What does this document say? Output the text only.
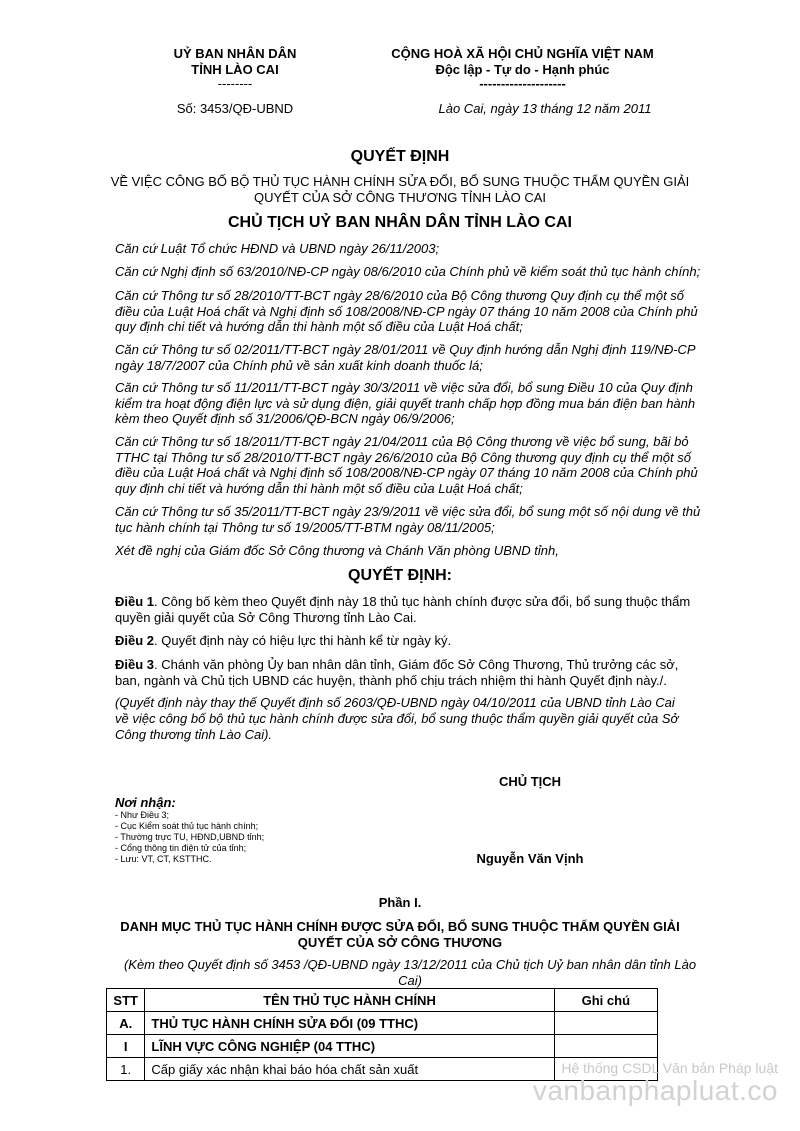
UỶ BAN NHÂN DÂN
TỈNH LÀO CAI
--------
Số: 3453/QĐ-UBND
CỘNG HOÀ XÃ HỘI CHỦ NGHĨA VIỆT NAM
Độc lập - Tự do - Hạnh phúc
--------------------
Lào Cai, ngày 13 tháng 12 năm 2011
QUYẾT ĐỊNH
VỀ VIỆC CÔNG BỐ BỘ THỦ TỤC HÀNH CHÍNH SỬA ĐỔI, BỔ SUNG THUỘC THẨM QUYỀN GIẢI
QUYẾT CỦA SỞ CÔNG THƯƠNG TỈNH LÀO CAI
CHỦ TỊCH UỶ BAN NHÂN DÂN TỈNH LÀO CAI
Căn cứ Luật Tổ chức HĐND và UBND ngày 26/11/2003;
Căn cứ Nghị định số 63/2010/NĐ-CP ngày 08/6/2010 của Chính phủ về kiểm soát thủ tục hành chính;
Căn cứ Thông tư số 28/2010/TT-BCT ngày 28/6/2010 của Bộ Công thương Quy định cụ thể một số
điều của Luật Hoá chất và Nghị định số 108/2008/NĐ-CP ngày 07 tháng 10 năm 2008 của Chính phủ
quy định chi tiết và hướng dẫn thi hành một số điều của Luật Hoá chất;
Căn cứ Thông tư số 02/2011/TT-BCT ngày 28/01/2011 về Quy định hướng dẫn Nghị định 119/NĐ-CP
ngày 18/7/2007 của Chính phủ về sản xuất kinh doanh thuốc lá;
Căn cứ Thông tư số 11/2011/TT-BCT ngày 30/3/2011 về việc sửa đổi, bổ sung Điều 10 của Quy định
kiểm tra hoạt động điện lực và sử dụng điện, giải quyết tranh chấp hợp đồng mua bán điện ban hành
kèm theo Quyết định số 31/2006/QĐ-BCN ngày 06/9/2006;
Căn cứ Thông tư số 18/2011/TT-BCT ngày 21/04/2011 của Bộ Công thương về việc bổ sung, bãi bỏ
TTHC tại Thông tư số 28/2010/TT-BCT ngày 26/6/2010 của Bộ Công thương quy định cụ thể một số
điều của Luật Hoá chất và Nghị định số 108/2008/NĐ-CP ngày 07 tháng 10 năm 2008 của Chính phủ
quy định chi tiết và hướng dẫn thi hành một số điều của Luật Hoá chất;
Căn cứ Thông tư số 35/2011/TT-BCT ngày 23/9/2011 về việc sửa đổi, bổ sung một số nội dung về thủ
tục hành chính tại Thông tư số 19/2005/TT-BTM ngày 08/11/2005;
Xét đề nghị của Giám đốc Sở Công thương và Chánh Văn phòng UBND tỉnh,
QUYẾT ĐỊNH:
Điều 1. Công bố kèm theo Quyết định này 18 thủ tục hành chính được sửa đổi, bổ sung thuộc thẩm
quyền giải quyết của Sở Công Thương tỉnh Lào Cai.
Điều 2. Quyết định này có hiệu lực thi hành kể từ ngày ký.
Điều 3. Chánh văn phòng Ủy ban nhân dân tỉnh, Giám đốc Sở Công Thương, Thủ trưởng các sở,
ban, ngành và Chủ tịch UBND các huyện, thành phố chịu trách nhiệm thi hành Quyết định này./.
(Quyết định này thay thế Quyết định số 2603/QĐ-UBND ngày 04/10/2011 của UBND tỉnh Lào Cai
về việc công bố bộ thủ tục hành chính được sửa đổi, bổ sung thuộc thẩm quyền giải quyết của Sở
Công thương tỉnh Lào Cai).
CHỦ TỊCH
Nguyễn Văn Vịnh
Nơi nhận:
- Như Điều 3;
- Cục Kiểm soát thủ tục hành chính;
- Thường trực TU, HĐND,UBND tỉnh;
- Cổng thông tin điện tử của tỉnh;
- Lưu: VT, CT, KSTTHC.
Phần I.
DANH MỤC THỦ TỤC HÀNH CHÍNH ĐƯỢC SỬA ĐỔI, BỔ SUNG THUỘC THẨM QUYỀN GIẢI
QUYẾT CỦA SỞ CÔNG THƯƠNG
(Kèm theo Quyết định số 3453 /QĐ-UBND ngày 13/12/2011 của Chủ tịch Uỷ ban nhân dân tỉnh Lào
Cai)
STT	TÊN THỦ TỤC HÀNH CHÍNH	Ghi chú
A.	THỦ TỤC HÀNH CHÍNH SỬA ĐỔI (09 TTHC)	
I	LĨNH VỰC CÔNG NGHIỆP (04 TTHC)	
1.	Cấp giấy xác nhận khai báo hóa chất sản xuất		Hệ thống CSDL Văn bản Pháp luật
vanbanphapluat.co
